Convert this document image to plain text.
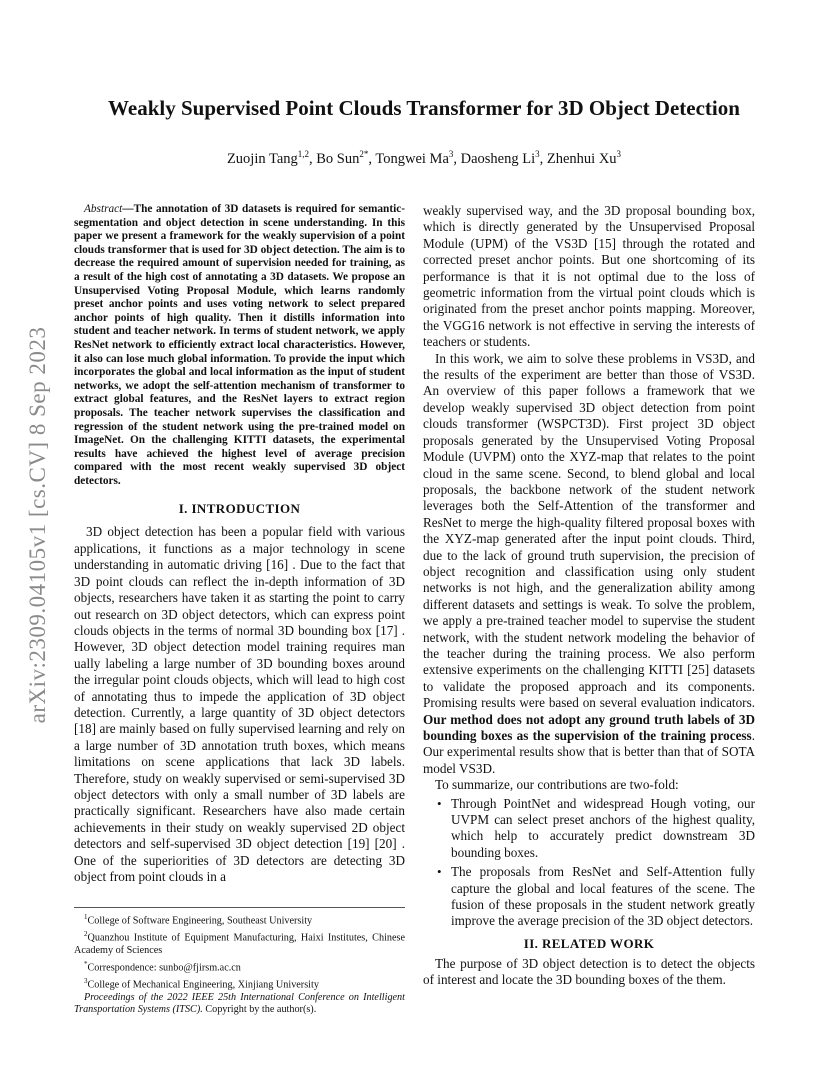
arXiv:2309.04105v1 [cs.CV] 8 Sep 2023
Weakly Supervised Point Clouds Transformer for 3D Object Detection

Zuojin Tang$^{1,2}$, Bo Sun$^{2*}$, Tongwei Ma$^3$, Daosheng Li$^3$, Zhenhui Xu$^3$

Abstract—The annotation of 3D datasets is required for semantic-segmentation and object detection in scene understanding. In this paper we present a framework for the weakly supervision of a point clouds transformer that is used for 3D object detection. The aim is to decrease the required amount of supervision needed for training, as a result of the high cost of annotating a 3D datasets. We propose an Unsupervised Voting Proposal Module, which learns randomly preset anchor points and uses voting network to select prepared anchor points of high quality. Then it distills information into student and teacher network. In terms of student network, we apply ResNet network to efficiently extract local characteristics. However, it also can lose much global information. To provide the input which incorporates the global and local information as the input of student networks, we adopt the self-attention mechanism of transformer to extract global features, and the ResNet layers to extract region proposals. The teacher network supervises the classification and regression of the student network using the pre-trained model on ImageNet. On the challenging KITTI datasets, the experimental results have achieved the highest level of average precision compared with the most recent weakly supervised 3D object detectors.

I. INTRODUCTION

3D object detection has been a popular field with various applications, it functions as a major technology in scene understanding in automatic driving [16] . Due to the fact that 3D point clouds can reflect the in-depth information of 3D objects, researchers have taken it as starting the point to carry out research on 3D object detectors, which can express point clouds objects in the terms of normal 3D bounding box [17] . However, 3D object detection model training requires man ually labeling a large number of 3D bounding boxes around the irregular point clouds objects, which will lead to high cost of annotating thus to impede the application of 3D object detection. Currently, a large quantity of 3D object detectors [18] are mainly based on fully supervised learning and rely on a large number of 3D annotation truth boxes, which means limitations on scene applications that lack 3D labels. Therefore, study on weakly supervised or semi-supervised 3D object detectors with only a small number of 3D labels are practically significant. Researchers have also made certain achievements in their study on weakly supervised 2D object detectors and self-supervised 3D object detection [19] [20] . One of the superiorities of 3D detectors are detecting 3D object from point clouds in a

$^1$College of Software Engineering, Southeast University

$^2$Quanzhou Institute of Equipment Manufacturing, Haixi Institutes, Chinese Academy of Sciences

*Correspondence: sunbo@fjirsm.ac.cn

$^3$College of Mechanical Engineering, Xinjiang University

Proceedings of the 2022 IEEE 25th International Conference on Intelligent Transportation Systems (ITSC). Copyright by the author(s).

weakly supervised way, and the 3D proposal bounding box, which is directly generated by the Unsupervised Proposal Module (UPM) of the VS3D [15] through the rotated and corrected preset anchor points. But one shortcoming of its performance is that it is not optimal due to the loss of geometric information from the virtual point clouds which is originated from the preset anchor points mapping. Moreover, the VGG16 network is not effective in serving the interests of teachers or students.

In this work, we aim to solve these problems in VS3D, and the results of the experiment are better than those of VS3D. An overview of this paper follows a framework that we develop weakly supervised 3D object detection from point clouds transformer (WSPCT3D). First project 3D object proposals generated by the Unsupervised Voting Proposal Module (UVPM) onto the XYZ-map that relates to the point cloud in the same scene. Second, to blend global and local proposals, the backbone network of the student network leverages both the Self-Attention of the transformer and ResNet to merge the high-quality filtered proposal boxes with the XYZ-map generated after the input point clouds. Third, due to the lack of ground truth supervision, the precision of object recognition and classification using only student networks is not high, and the generalization ability among different datasets and settings is weak. To solve the problem, we apply a pre-trained teacher model to supervise the student network, with the student network modeling the behavior of the teacher during the training process. We also perform extensive experiments on the challenging KITTI [25] datasets to validate the proposed approach and its components. Promising results were based on several evaluation indicators. Our method does not adopt any ground truth labels of 3D bounding boxes as the supervision of the training process. Our experimental results show that is better than that of SOTA model VS3D.

To summarize, our contributions are two-fold:

• Through PointNet and widespread Hough voting, our UVPM can select preset anchors of the highest quality, which help to accurately predict downstream 3D bounding boxes.

• The proposals from ResNet and Self-Attention fully capture the global and local features of the scene. The fusion of these proposals in the student network greatly improve the average precision of the 3D object detectors.

II. RELATED WORK

The purpose of 3D object detection is to detect the objects of interest and locate the 3D bounding boxes of the them.
